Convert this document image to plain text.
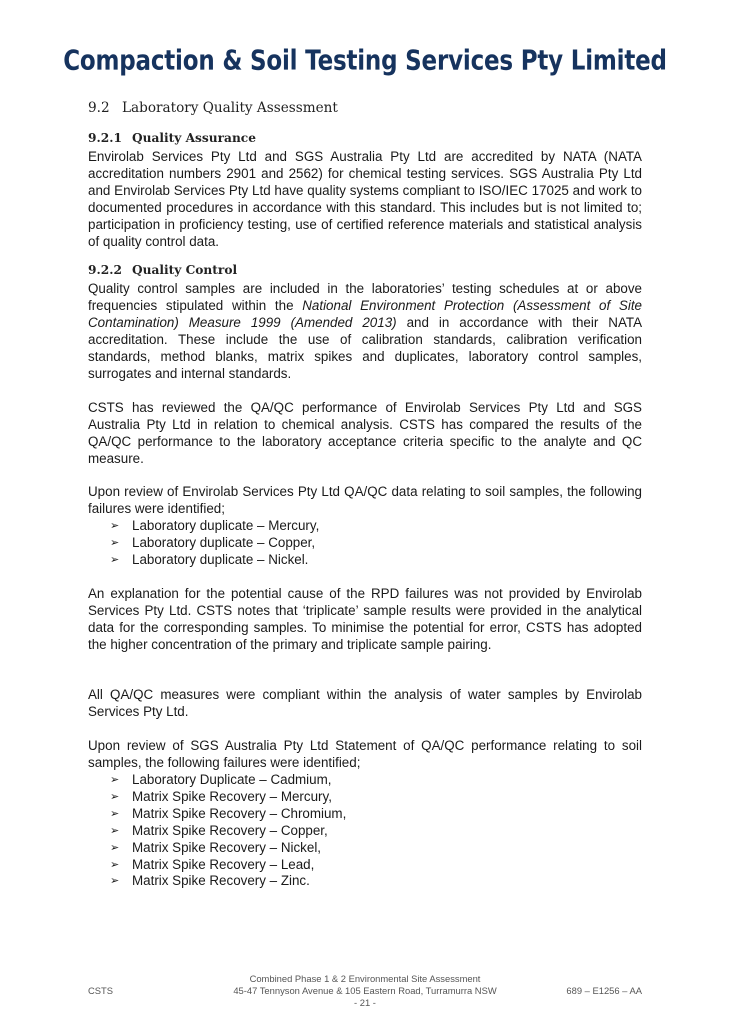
Compaction & Soil Testing Services Pty Limited
9.2 Laboratory Quality Assessment
9.2.1 Quality Assurance

Envirolab Services Pty Ltd and SGS Australia Pty Ltd are accredited by NATA (NATA accreditation numbers 2901 and 2562) for chemical testing services. SGS Australia Pty Ltd and Envirolab Services Pty Ltd have quality systems compliant to ISO/IEC 17025 and work to documented procedures in accordance with this standard. This includes but is not limited to; participation in proficiency testing, use of certified reference materials and statistical analysis of quality control data.

9.2.2 Quality Control

Quality control samples are included in the laboratories’ testing schedules at or above frequencies stipulated within the National Environment Protection (Assessment of Site Contamination) Measure 1999 (Amended 2013) and in accordance with their NATA accreditation. These include the use of calibration standards, calibration verification standards, method blanks, matrix spikes and duplicates, laboratory control samples, surrogates and internal standards.

CSTS has reviewed the QA/QC performance of Envirolab Services Pty Ltd and SGS Australia Pty Ltd in relation to chemical analysis. CSTS has compared the results of the QA/QC performance to the laboratory acceptance criteria specific to the analyte and QC measure.

Upon review of Envirolab Services Pty Ltd QA/QC data relating to soil samples, the following failures were identified;

➢ Laboratory duplicate – Mercury,
➢ Laboratory duplicate – Copper,
➢ Laboratory duplicate – Nickel.

An explanation for the potential cause of the RPD failures was not provided by Envirolab Services Pty Ltd. CSTS notes that ‘triplicate’ sample results were provided in the analytical data for the corresponding samples. To minimise the potential for error, CSTS has adopted the higher concentration of the primary and triplicate sample pairing.

All QA/QC measures were compliant within the analysis of water samples by Envirolab Services Pty Ltd.

Upon review of SGS Australia Pty Ltd Statement of QA/QC performance relating to soil samples, the following failures were identified;

➢ Laboratory Duplicate – Cadmium,
➢ Matrix Spike Recovery – Mercury,
➢ Matrix Spike Recovery – Chromium,
➢ Matrix Spike Recovery – Copper,
➢ Matrix Spike Recovery – Nickel,
➢ Matrix Spike Recovery – Lead,
➢ Matrix Spike Recovery – Zinc.
Combined Phase 1 & 2 Environmental Site Assessment
45-47 Tennyson Avenue & 105 Eastern Road, Turramurra NSW
- 21 -
CSTS	689 – E1256 – AA
